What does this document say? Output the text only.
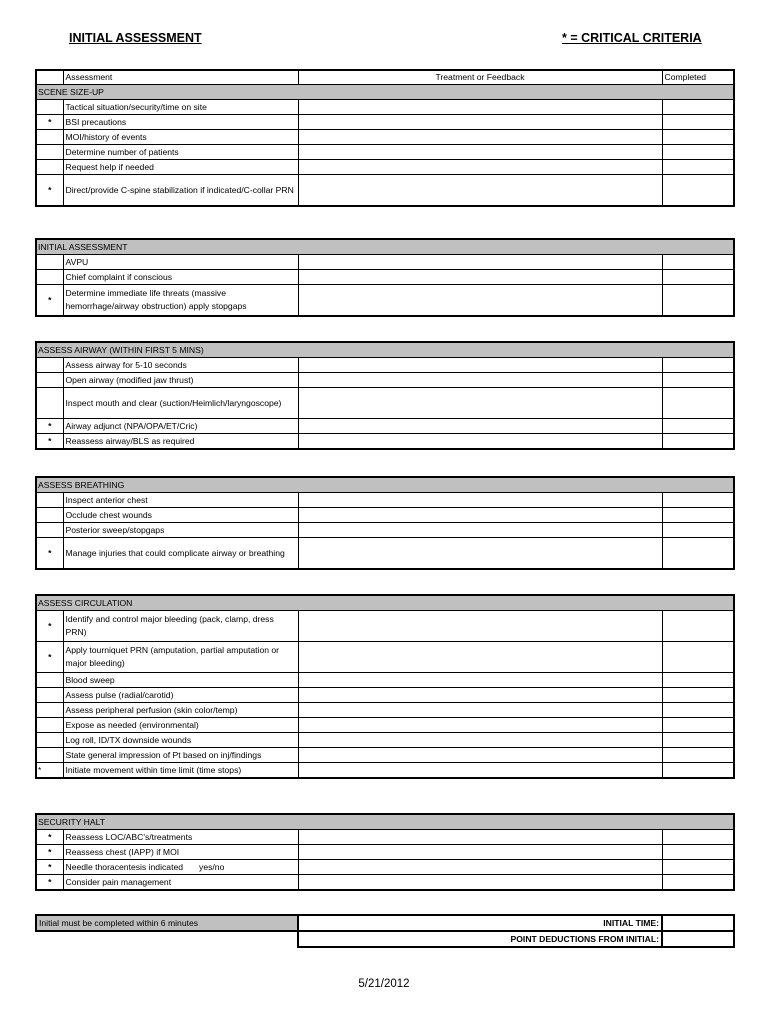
INITIAL ASSESSMENT	* = CRITICAL CRITERIA
	Assessment	Treatment or Feedback	Completed
SCENE SIZE-UP			
	Tactical situation/security/time on site		
*	BSI precautions		
	MOI/history of events		
	Determine number of patients		
	Request help if needed		
*	Direct/provide C-spine stabilization if indicated/C-collar PRN		
INITIAL ASSESSMENT			
	AVPU		
	Chief complaint if conscious		
*	Determine immediate life threats (massive hemorrhage/airway obstruction) apply stopgaps		
ASSESS AIRWAY (WITHIN FIRST 5 MINS)			
	Assess airway for 5-10 seconds		
	Open airway (modified jaw thrust)		
	Inspect mouth and clear (suction/Heimlich/laryngoscope)		
*	Airway adjunct (NPA/OPA/ET/Cric)		
*	Reassess airway/BLS as required		
ASSESS BREATHING			
	Inspect anterior chest		
	Occlude chest wounds		
	Posterior sweep/stopgaps		
*	Manage injuries that could complicate airway or breathing		
ASSESS CIRCULATION			
*	Identify and control major bleeding (pack, clamp, dress PRN)		
*	Apply tourniquet PRN (amputation, partial amputation or major bleeding)		
	Blood sweep		
	Assess pulse (radial/carotid)		
	Assess peripheral perfusion (skin color/temp)		
	Expose as needed (environmental)		
	Log roll, ID/TX downside wounds		
	State general impression of Pt based on inj/findings		
*	Initiate movement within time limit (time stops)		
SECURITY HALT			
*	Reassess LOC/ABC's/treatments		
*	Reassess chest (IAPP) if MOI		
*	Needle thoracentesis indicated yes/no		
*	Consider pain management		
Initial must be completed within 6 minutes	INITIAL TIME:	
	POINT DEDUCTIONS FROM INITIAL:	
5/21/2012
